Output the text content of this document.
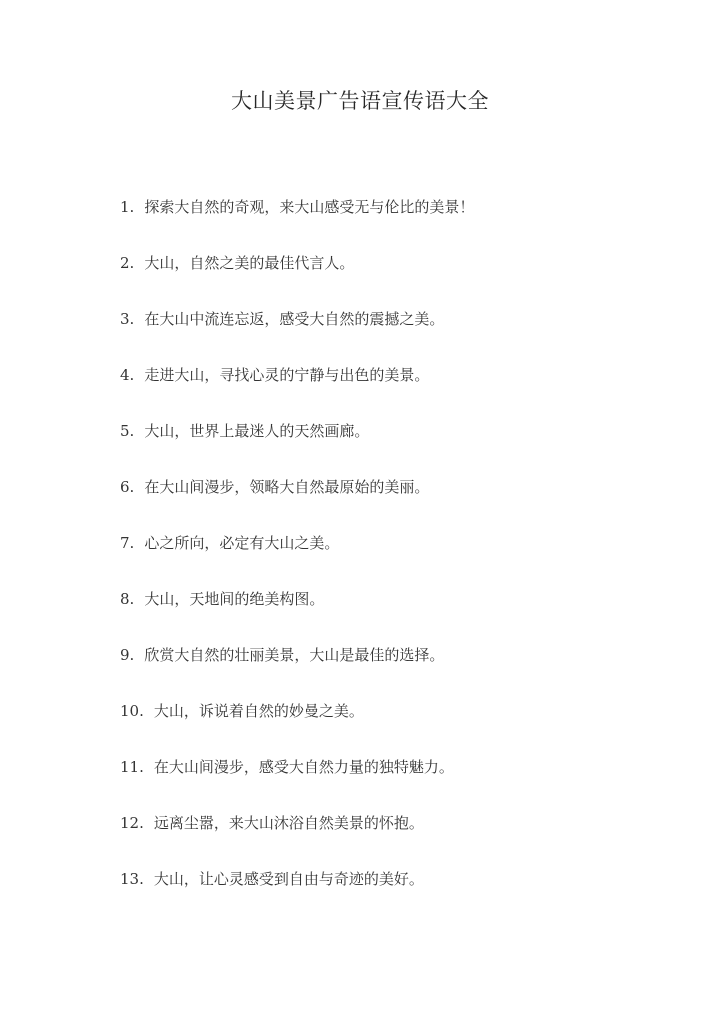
大山美景广告语宣传语大全
1. 探索大自然的奇观，来大山感受无与伦比的美景！
2. 大山，自然之美的最佳代言人。
3. 在大山中流连忘返，感受大自然的震撼之美。
4. 走进大山，寻找心灵的宁静与出色的美景。
5. 大山，世界上最迷人的天然画廊。
6. 在大山间漫步，领略大自然最原始的美丽。
7. 心之所向，必定有大山之美。
8. 大山，天地间的绝美构图。
9. 欣赏大自然的壮丽美景，大山是最佳的选择。
10. 大山，诉说着自然的妙曼之美。
11. 在大山间漫步，感受大自然力量的独特魅力。
12. 远离尘嚣，来大山沐浴自然美景的怀抱。
13. 大山，让心灵感受到自由与奇迹的美好。
